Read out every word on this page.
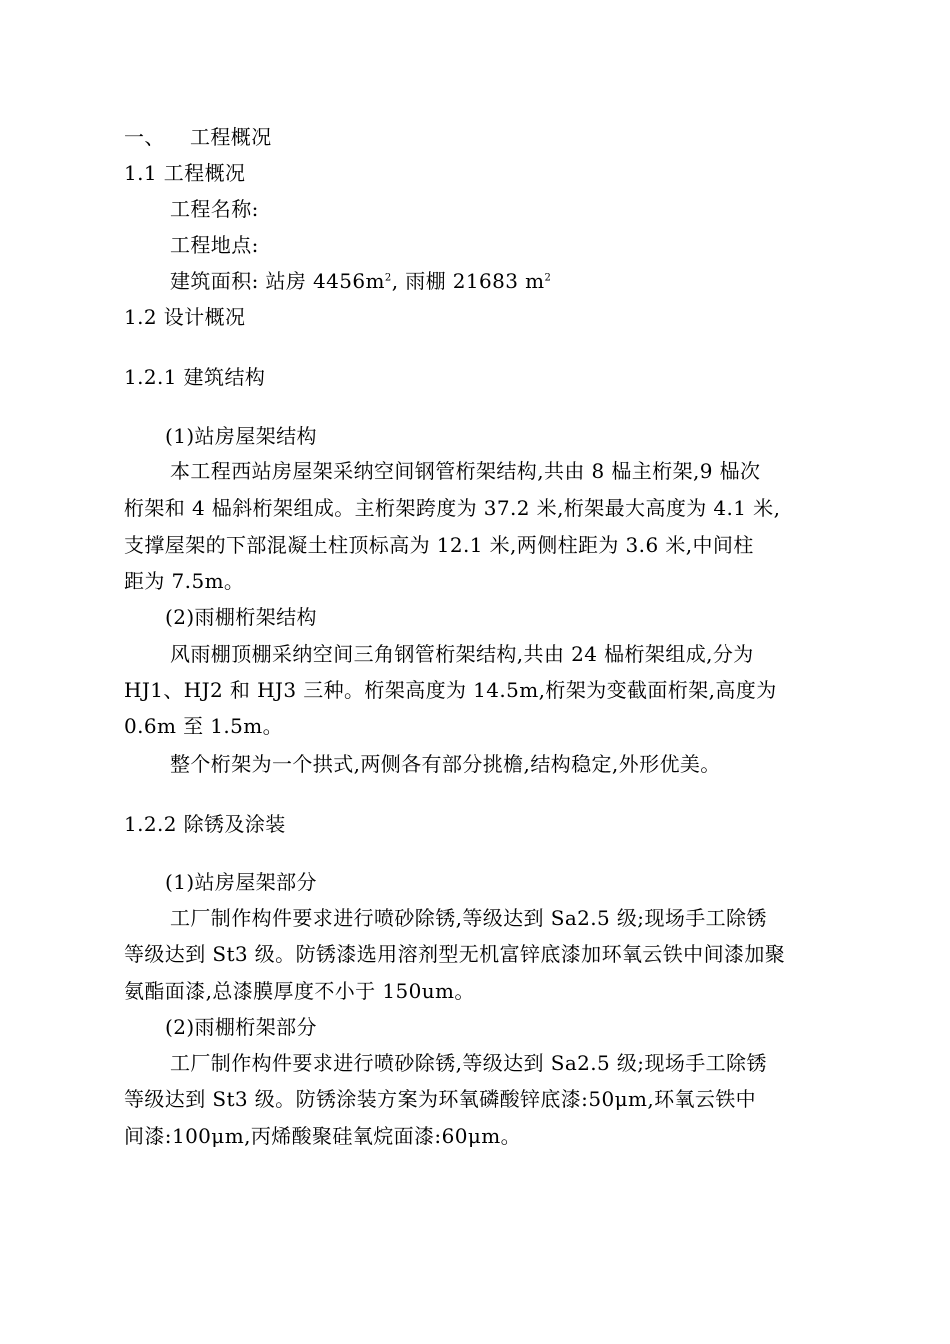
一、 工程概况
1.1 工程概况
工程名称:
工程地点:
建筑面积: 站房 $4456m^2$, 雨棚 21683 $m^2$
1.2 设计概况
1.2.1 建筑结构
(1)站房屋架结构
本工程西站房屋架采纳空间钢管桁架结构,共由 8 榀主桁架,9 榀次
桁架和 4 榀斜桁架组成。主桁架跨度为 37.2 米,桁架最大高度为 4.1 米,
支撑屋架的下部混凝土柱顶标高为 12.1 米,两侧柱距为 3.6 米,中间柱
距为 7.5m。
(2)雨棚桁架结构
风雨棚顶棚采纳空间三角钢管桁架结构,共由 24 榀桁架组成,分为
HJ1、HJ2 和 HJ3 三种。桁架高度为 14.5m,桁架为变截面桁架,高度为
0.6m 至 1.5m。
整个桁架为一个拱式,两侧各有部分挑檐,结构稳定,外形优美。
1.2.2 除锈及涂装
(1)站房屋架部分
工厂制作构件要求进行喷砂除锈,等级达到 Sa2.5 级;现场手工除锈
等级达到 St3 级。防锈漆选用溶剂型无机富锌底漆加环氧云铁中间漆加聚
氨酯面漆,总漆膜厚度不小于 150um。
(2)雨棚桁架部分
工厂制作构件要求进行喷砂除锈,等级达到 Sa2.5 级;现场手工除锈
等级达到 St3 级。防锈涂装方案为环氧磷酸锌底漆:50μm,环氧云铁中
间漆:100μm,丙烯酸聚硅氧烷面漆:60μm。
